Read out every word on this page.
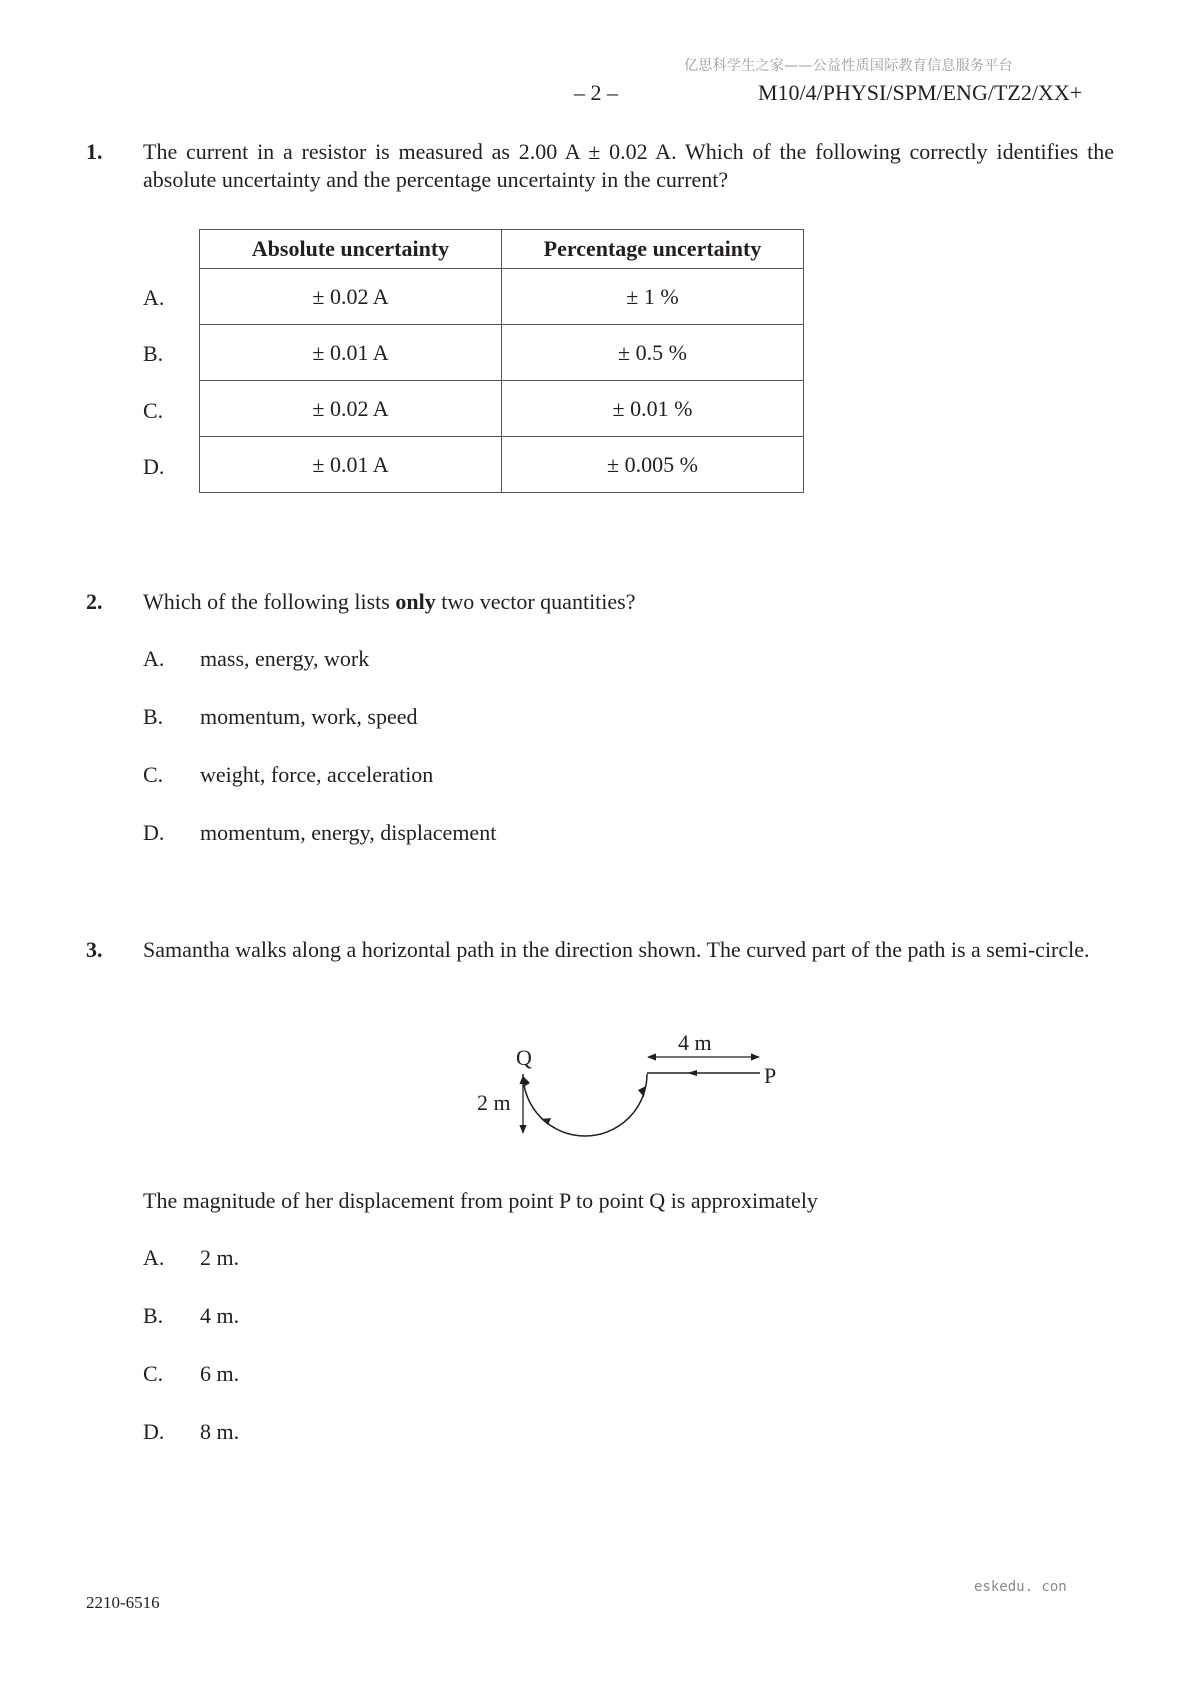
亿思科学生之家——公益性质国际教育信息服务平台
– 2 –	M10/4/PHYSI/SPM/ENG/TZ2/XX+
1. The current in a resistor is measured as 2.00 A ± 0.02 A. Which of the following correctly identifies the absolute uncertainty and the percentage uncertainty in the current?
A.
B.
C.
D.
Absolute uncertainty	Percentage uncertainty
± 0.02 A	± 1 %
± 0.01 A	± 0.5 %
± 0.02 A	± 0.01 %
± 0.01 A	± 0.005 %
2. Which of the following lists only two vector quantities?
A. mass, energy, work
B. momentum, work, speed
C. weight, force, acceleration
D. momentum, energy, displacement
3. Samantha walks along a horizontal path in the direction shown. The curved part of the path is a semi-circle.
Q
P
2 m
4 m
The magnitude of her displacement from point P to point Q is approximately
A. 2 m.
B. 4 m.
C. 6 m.
D. 8 m.
2210-6516
eskedu. con
